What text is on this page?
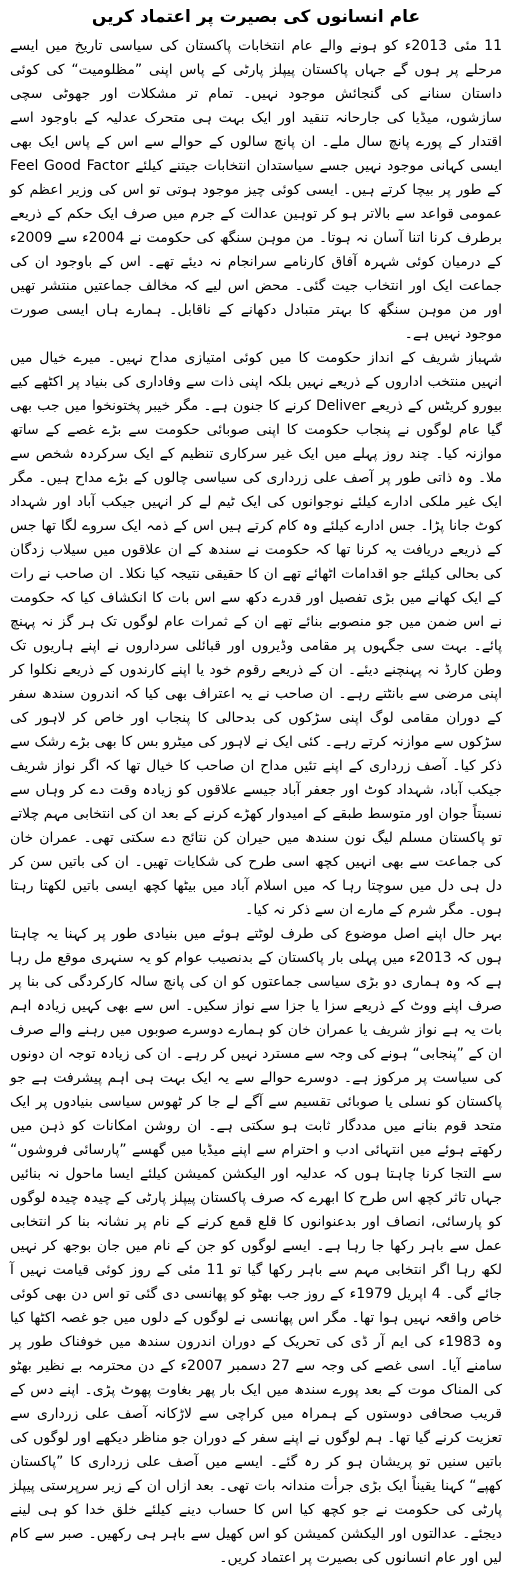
عام انسانوں کی بصیرت پر اعتماد کریں

11 مئی 2013ء کو ہونے والے عام انتخابات پاکستان کی سیاسی تاریخ میں ایسے مرحلے پر ہوں گے جہاں پاکستان پیپلز پارٹی کے پاس اپنی ”مظلومیت“ کی کوئی داستان سنانے کی گنجائش موجود نہیں۔ تمام تر مشکلات اور جھوٹی سچی سازشوں، میڈیا کی جارحانہ تنقید اور ایک بہت ہی متحرک عدلیہ کے باوجود اسے اقتدار کے پورے پانچ سال ملے۔ ان پانچ سالوں کے حوالے سے اس کے پاس ایک بھی ایسی کہانی موجود نہیں جسے سیاستدان انتخابات جیتنے کیلئے Feel Good Factor کے طور پر بیچا کرتے ہیں۔ ایسی کوئی چیز موجود ہوتی تو اس کی وزیر اعظم کو عمومی قواعد سے بالاتر ہو کر توہین عدالت کے جرم میں صرف ایک حکم کے ذریعے برطرف کرنا اتنا آسان نہ ہوتا۔ من موہن سنگھ کی حکومت نے 2004ء سے 2009ء کے درمیان کوئی شہرہ آفاق کارنامے سرانجام نہ دیئے تھے۔ اس کے باوجود ان کی جماعت ایک اور انتخاب جیت گئی۔ محض اس لیے کہ مخالف جماعتیں منتشر تھیں اور من موہن سنگھ کا بہتر متبادل دکھانے کے ناقابل۔ ہمارے ہاں ایسی صورت موجود نہیں ہے۔

شہباز شریف کے انداز حکومت کا میں کوئی امتیازی مداح نہیں۔ میرے خیال میں انہیں منتخب اداروں کے ذریعے نہیں بلکہ اپنی ذات سے وفاداری کی بنیاد پر اکٹھے کیے بیورو کریٹس کے ذریعے Deliver کرنے کا جنون ہے۔ مگر خیبر پختونخوا میں جب بھی گیا عام لوگوں نے پنجاب حکومت کا اپنی صوبائی حکومت سے بڑے غصے کے ساتھ موازنہ کیا۔ چند روز پہلے میں ایک غیر سرکاری تنظیم کے ایک سرکردہ شخص سے ملا۔ وہ ذاتی طور پر آصف علی زرداری کی سیاسی چالوں کے بڑے مداح ہیں۔ مگر ایک غیر ملکی ادارے کیلئے نوجوانوں کی ایک ٹیم لے کر انہیں جیکب آباد اور شہداد کوٹ جانا پڑا۔ جس ادارے کیلئے وہ کام کرتے ہیں اس کے ذمہ ایک سروے لگا تھا جس کے ذریعے دریافت یہ کرنا تھا کہ حکومت نے سندھ کے ان علاقوں میں سیلاب زدگان کی بحالی کیلئے جو اقدامات اٹھائے تھے ان کا حقیقی نتیجہ کیا نکلا۔ ان صاحب نے رات کے ایک کھانے میں بڑی تفصیل اور قدرے دکھ سے اس بات کا انکشاف کیا کہ حکومت نے اس ضمن میں جو منصوبے بنائے تھے ان کے ثمرات عام لوگوں تک ہر گز نہ پہنچ پائے۔ بہت سی جگہوں پر مقامی وڈیروں اور قبائلی سرداروں نے اپنے ہاریوں تک وطن کارڈ نہ پہنچنے دیئے۔ ان کے ذریعے رقوم خود یا اپنے کارندوں کے ذریعے نکلوا کر اپنی مرضی سے بانٹتے رہے۔ ان صاحب نے یہ اعتراف بھی کیا کہ اندرون سندھ سفر کے دوران مقامی لوگ اپنی سڑکوں کی بدحالی کا پنجاب اور خاص کر لاہور کی سڑکوں سے موازنہ کرتے رہے۔ کئی ایک نے لاہور کی میٹرو بس کا بھی بڑے رشک سے ذکر کیا۔ آصف زرداری کے اپنے تئیں مداح ان صاحب کا خیال تھا کہ اگر نواز شریف جیکب آباد، شہداد کوٹ اور جعفر آباد جیسے علاقوں کو زیادہ وقت دے کر وہاں سے نسبتاً جوان اور متوسط طبقے کے امیدوار کھڑے کرنے کے بعد ان کی انتخابی مہم چلاتے تو پاکستان مسلم لیگ نون سندھ میں حیران کن نتائج دے سکتی تھی۔ عمران خان کی جماعت سے بھی انہیں کچھ اسی طرح کی شکایات تھیں۔ ان کی باتیں سن کر دل ہی دل میں سوچتا رہا کہ میں اسلام آباد میں بیٹھا کچھ ایسی باتیں لکھتا رہتا ہوں۔ مگر شرم کے مارے ان سے ذکر نہ کیا۔

بہر حال اپنے اصل موضوع کی طرف لوٹتے ہوئے میں بنیادی طور پر کہنا یہ چاہتا ہوں کہ 2013ء میں پہلی بار پاکستان کے بدنصیب عوام کو یہ سنہری موقع مل رہا ہے کہ وہ ہماری دو بڑی سیاسی جماعتوں کو ان کی پانچ سالہ کارکردگی کی بنا پر صرف اپنے ووٹ کے ذریعے سزا یا جزا سے نواز سکیں۔ اس سے بھی کہیں زیادہ اہم بات یہ ہے نواز شریف یا عمران خان کو ہمارے دوسرے صوبوں میں رہنے والے صرف ان کے ”پنجابی“ ہونے کی وجہ سے مسترد نہیں کر رہے۔ ان کی زیادہ توجہ ان دونوں کی سیاست پر مرکوز ہے۔ دوسرے حوالے سے یہ ایک بہت ہی اہم پیشرفت ہے جو پاکستان کو نسلی یا صوبائی تقسیم سے آگے لے جا کر ٹھوس سیاسی بنیادوں پر ایک متحد قوم بنانے میں مددگار ثابت ہو سکتی ہے۔ ان روشن امکانات کو ذہن میں رکھتے ہوئے میں انتہائی ادب و احترام سے اپنے میڈیا میں گھسے ”پارسائی فروشوں“ سے التجا کرنا چاہتا ہوں کہ عدلیہ اور الیکشن کمیشن کیلئے ایسا ماحول نہ بنائیں جہاں تاثر کچھ اس طرح کا ابھرے کہ صرف پاکستان پیپلز پارٹی کے چیدہ چیدہ لوگوں کو پارسائی، انصاف اور بدعنوانوں کا قلع قمع کرنے کے نام پر نشانہ بنا کر انتخابی عمل سے باہر رکھا جا رہا ہے۔ ایسے لوگوں کو جن کے نام میں جان بوجھ کر نہیں لکھ رہا اگر انتخابی مہم سے باہر رکھا گیا تو 11 مئی کے روز کوئی قیامت نہیں آ جائے گی۔ 4 اپریل 1979ء کے روز جب بھٹو کو پھانسی دی گئی تو اس دن بھی کوئی خاص واقعہ نہیں ہوا تھا۔ مگر اس پھانسی نے لوگوں کے دلوں میں جو غصہ اکٹھا کیا وہ 1983ء کی ایم آر ڈی کی تحریک کے دوران اندرون سندھ میں خوفناک طور پر سامنے آیا۔ اسی غصے کی وجہ سے 27 دسمبر 2007ء کے دن محترمہ بے نظیر بھٹو کی المناک موت کے بعد پورے سندھ میں ایک بار پھر بغاوت پھوٹ پڑی۔ اپنے دس کے قریب صحافی دوستوں کے ہمراہ میں کراچی سے لاڑکانہ آصف علی زرداری سے تعزیت کرنے گیا تھا۔ ہم لوگوں نے اپنے سفر کے دوران جو مناظر دیکھے اور لوگوں کی باتیں سنیں تو پریشان ہو کر رہ گئے۔ ایسے میں آصف علی زرداری کا ”پاکستان کھپے“ کہنا یقیناً ایک بڑی جرأت مندانہ بات تھی۔ بعد ازاں ان کے زیر سرپرستی پیپلز پارٹی کی حکومت نے جو کچھ کیا اس کا حساب دینے کیلئے خلق خدا کو ہی لینے دیجئے۔ عدالتوں اور الیکشن کمیشن کو اس کھیل سے باہر ہی رکھیں۔ صبر سے کام لیں اور عام انسانوں کی بصیرت پر اعتماد کریں۔
